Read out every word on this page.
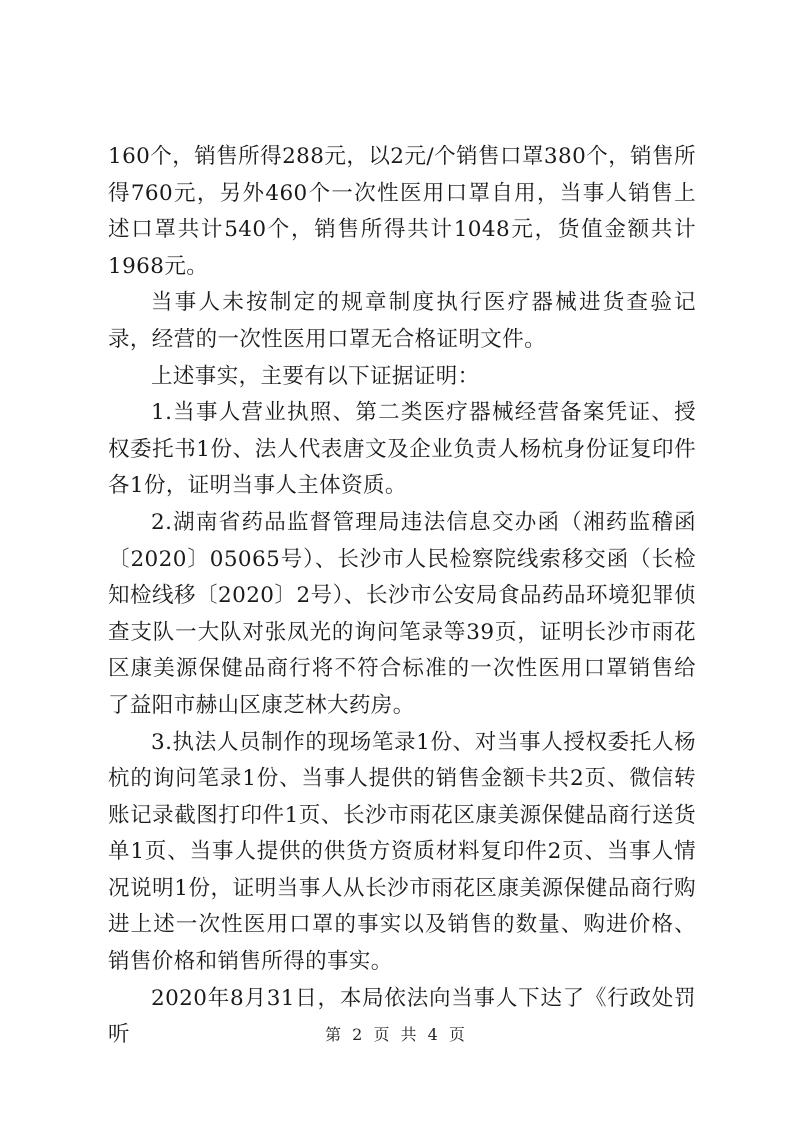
160个，销售所得288元，以2元/个销售口罩380个，销售所得760元，另外460个一次性医用口罩自用，当事人销售上述口罩共计540个，销售所得共计1048元，货值金额共计1968元。

当事人未按制定的规章制度执行医疗器械进货查验记录，经营的一次性医用口罩无合格证明文件。

上述事实，主要有以下证据证明：

1.当事人营业执照、第二类医疗器械经营备案凭证、授权委托书1份、法人代表唐文及企业负责人杨杭身份证复印件各1份，证明当事人主体资质。

2.湖南省药品监督管理局违法信息交办函（湘药监稽函〔2020〕05065号）、长沙市人民检察院线索移交函（长检知检线移〔2020〕2号）、长沙市公安局食品药品环境犯罪侦查支队一大队对张凤光的询问笔录等39页，证明长沙市雨花区康美源保健品商行将不符合标准的一次性医用口罩销售给了益阳市赫山区康芝林大药房。

3.执法人员制作的现场笔录1份、对当事人授权委托人杨杭的询问笔录1份、当事人提供的销售金额卡共2页、微信转账记录截图打印件1页、长沙市雨花区康美源保健品商行送货单1页、当事人提供的供货方资质材料复印件2页、当事人情况说明1份，证明当事人从长沙市雨花区康美源保健品商行购进上述一次性医用口罩的事实以及销售的数量、购进价格、销售价格和销售所得的事实。

2020年8月31日，本局依法向当事人下达了《行政处罚听	第 2 页 共 4 页
